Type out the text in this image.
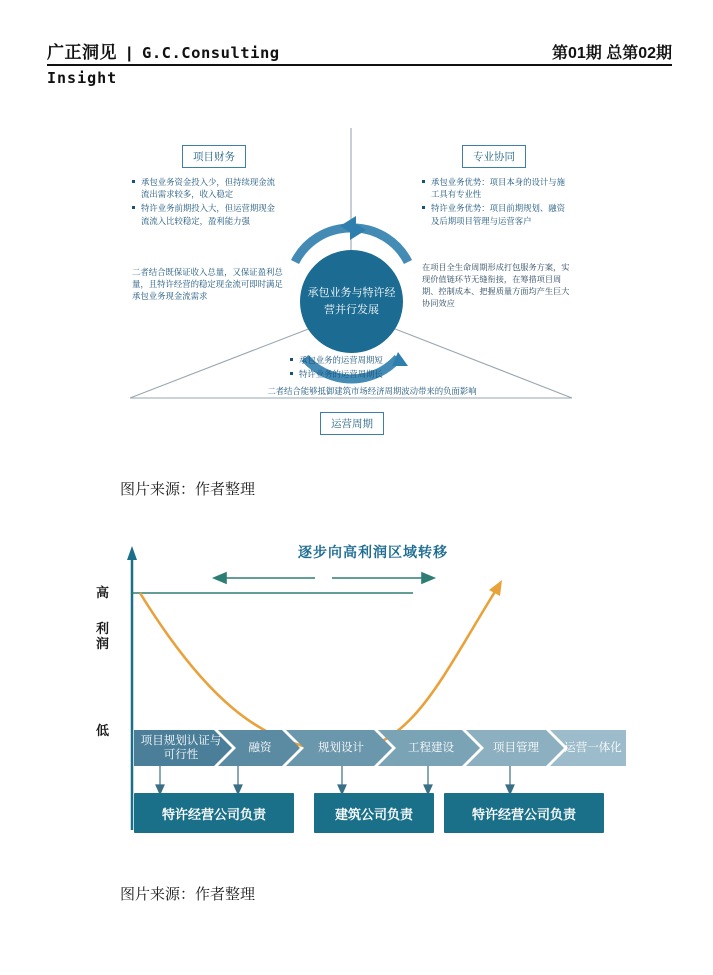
广正洞见 | G.C.Consulting	第01期 总第02期
Insight
项目财务	专业协同
运营周期
承包业务与特许经营并行发展
承包业务资金投入少，但持续现金流流出需求较多，收入稳定
特许业务前期投入大，但运营期现金流流入比较稳定，盈利能力强
二者结合既保证收入总量，又保证盈利总量，且特许经营的稳定现金流可即时满足承包业务现金流需求
承包业务优势：项目本身的设计与施工具有专业性
特许业务优势：项目前期规划、融资及后期项目管理与运营客户
在项目全生命周期形成打包服务方案，实现价值链环节无缝衔接，在筹措项目周期、控制成本、把握质量方面均产生巨大协同效应
承包业务的运营周期短
特许业务的运营周期长
二者结合能够抵御建筑市场经济周期波动带来的负面影响
图片来源：作者整理
高
利润
低
逐步向高利润区域转移
项目规划认证与可行性
融资	规划设计	工程建设	项目管理	运营一体化
特许经营公司负责	建筑公司负责	特许经营公司负责
图片来源：作者整理
